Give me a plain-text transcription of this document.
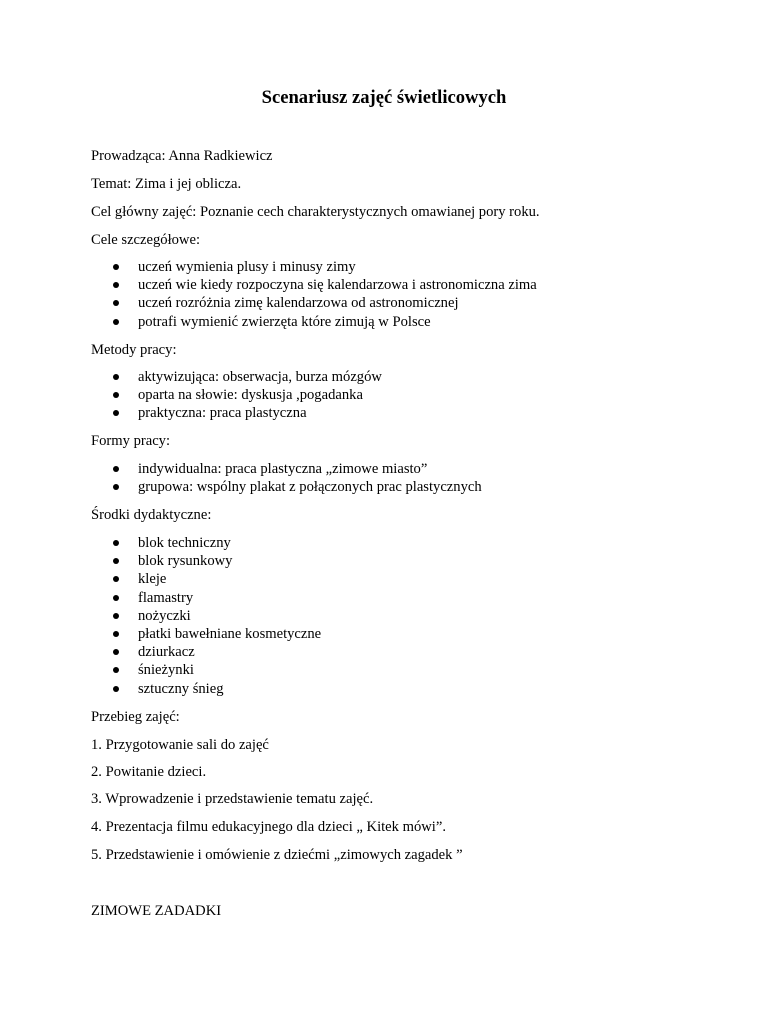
Scenariusz zajęć świetlicowych
Prowadząca: Anna Radkiewicz
Temat: Zima i jej oblicza.
Cel główny zajęć: Poznanie cech charakterystycznych omawianej pory roku.
Cele szczegółowe:
uczeń wymienia plusy i minusy zimy
uczeń wie kiedy rozpoczyna się kalendarzowa i astronomiczna zima
uczeń rozróżnia zimę kalendarzowa od astronomicznej
potrafi wymienić zwierzęta które zimują w Polsce
Metody pracy:
aktywizująca: obserwacja, burza mózgów
oparta na słowie: dyskusja ,pogadanka
praktyczna: praca plastyczna
Formy pracy:
indywidualna: praca plastyczna „zimowe miasto”
grupowa: wspólny plakat z połączonych prac plastycznych
Środki dydaktyczne:
blok techniczny
blok rysunkowy
kleje
flamastry
nożyczki
płatki bawełniane kosmetyczne
dziurkacz
śnieżynki
sztuczny śnieg
Przebieg zajęć:
1. Przygotowanie sali do zajęć
2. Powitanie dzieci.
3. Wprowadzenie i przedstawienie tematu zajęć.
4. Prezentacja filmu edukacyjnego dla dzieci „ Kitek mówi”.
5. Przedstawienie i omówienie z dziećmi „zimowych zagadek ”
ZIMOWE ZADADKI
